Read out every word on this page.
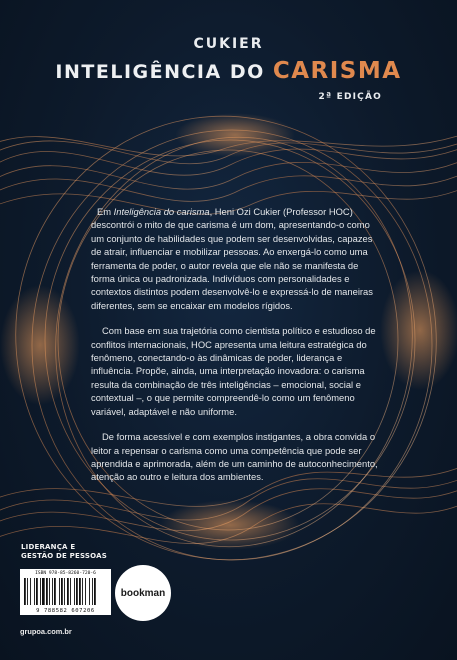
CUKIER
INTELIGÊNCIA DO CARISMA
2ª EDIÇÃO

Em Inteligência do carisma, Heni Ozi Cukier (Professor HOC) descontrói o mito de que carisma é um dom, apresentando-o como um conjunto de habilidades que podem ser desenvolvidas, capazes de atrair, influenciar e mobilizar pessoas. Ao enxergá-lo como uma ferramenta de poder, o autor revela que ele não se manifesta de forma única ou padronizada. Indivíduos com personalidades e contextos distintos podem desenvolvê-lo e expressá-lo de maneiras diferentes, sem se encaixar em modelos rígidos.

Com base em sua trajetória como cientista político e estudioso de conflitos internacionais, HOC apresenta uma leitura estratégica do fenômeno, conectando-o às dinâmicas de poder, liderança e influência. Propõe, ainda, uma interpretação inovadora: o carisma resulta da combinação de três inteligências – emocional, social e contextual –, o que permite compreendê-lo como um fenômeno variável, adaptável e não uniforme.

De forma acessível e com exemplos instigantes, a obra convida o leitor a repensar o carisma como uma competência que pode ser aprendida e aprimorada, além de um caminho de autoconhecimento, atenção ao outro e leitura dos ambientes.

LIDERANÇA E
GESTÃO DE PESSOAS
ISBN 978-85-8260-720-6
9 788582 607206
bookman
grupoa.com.br
